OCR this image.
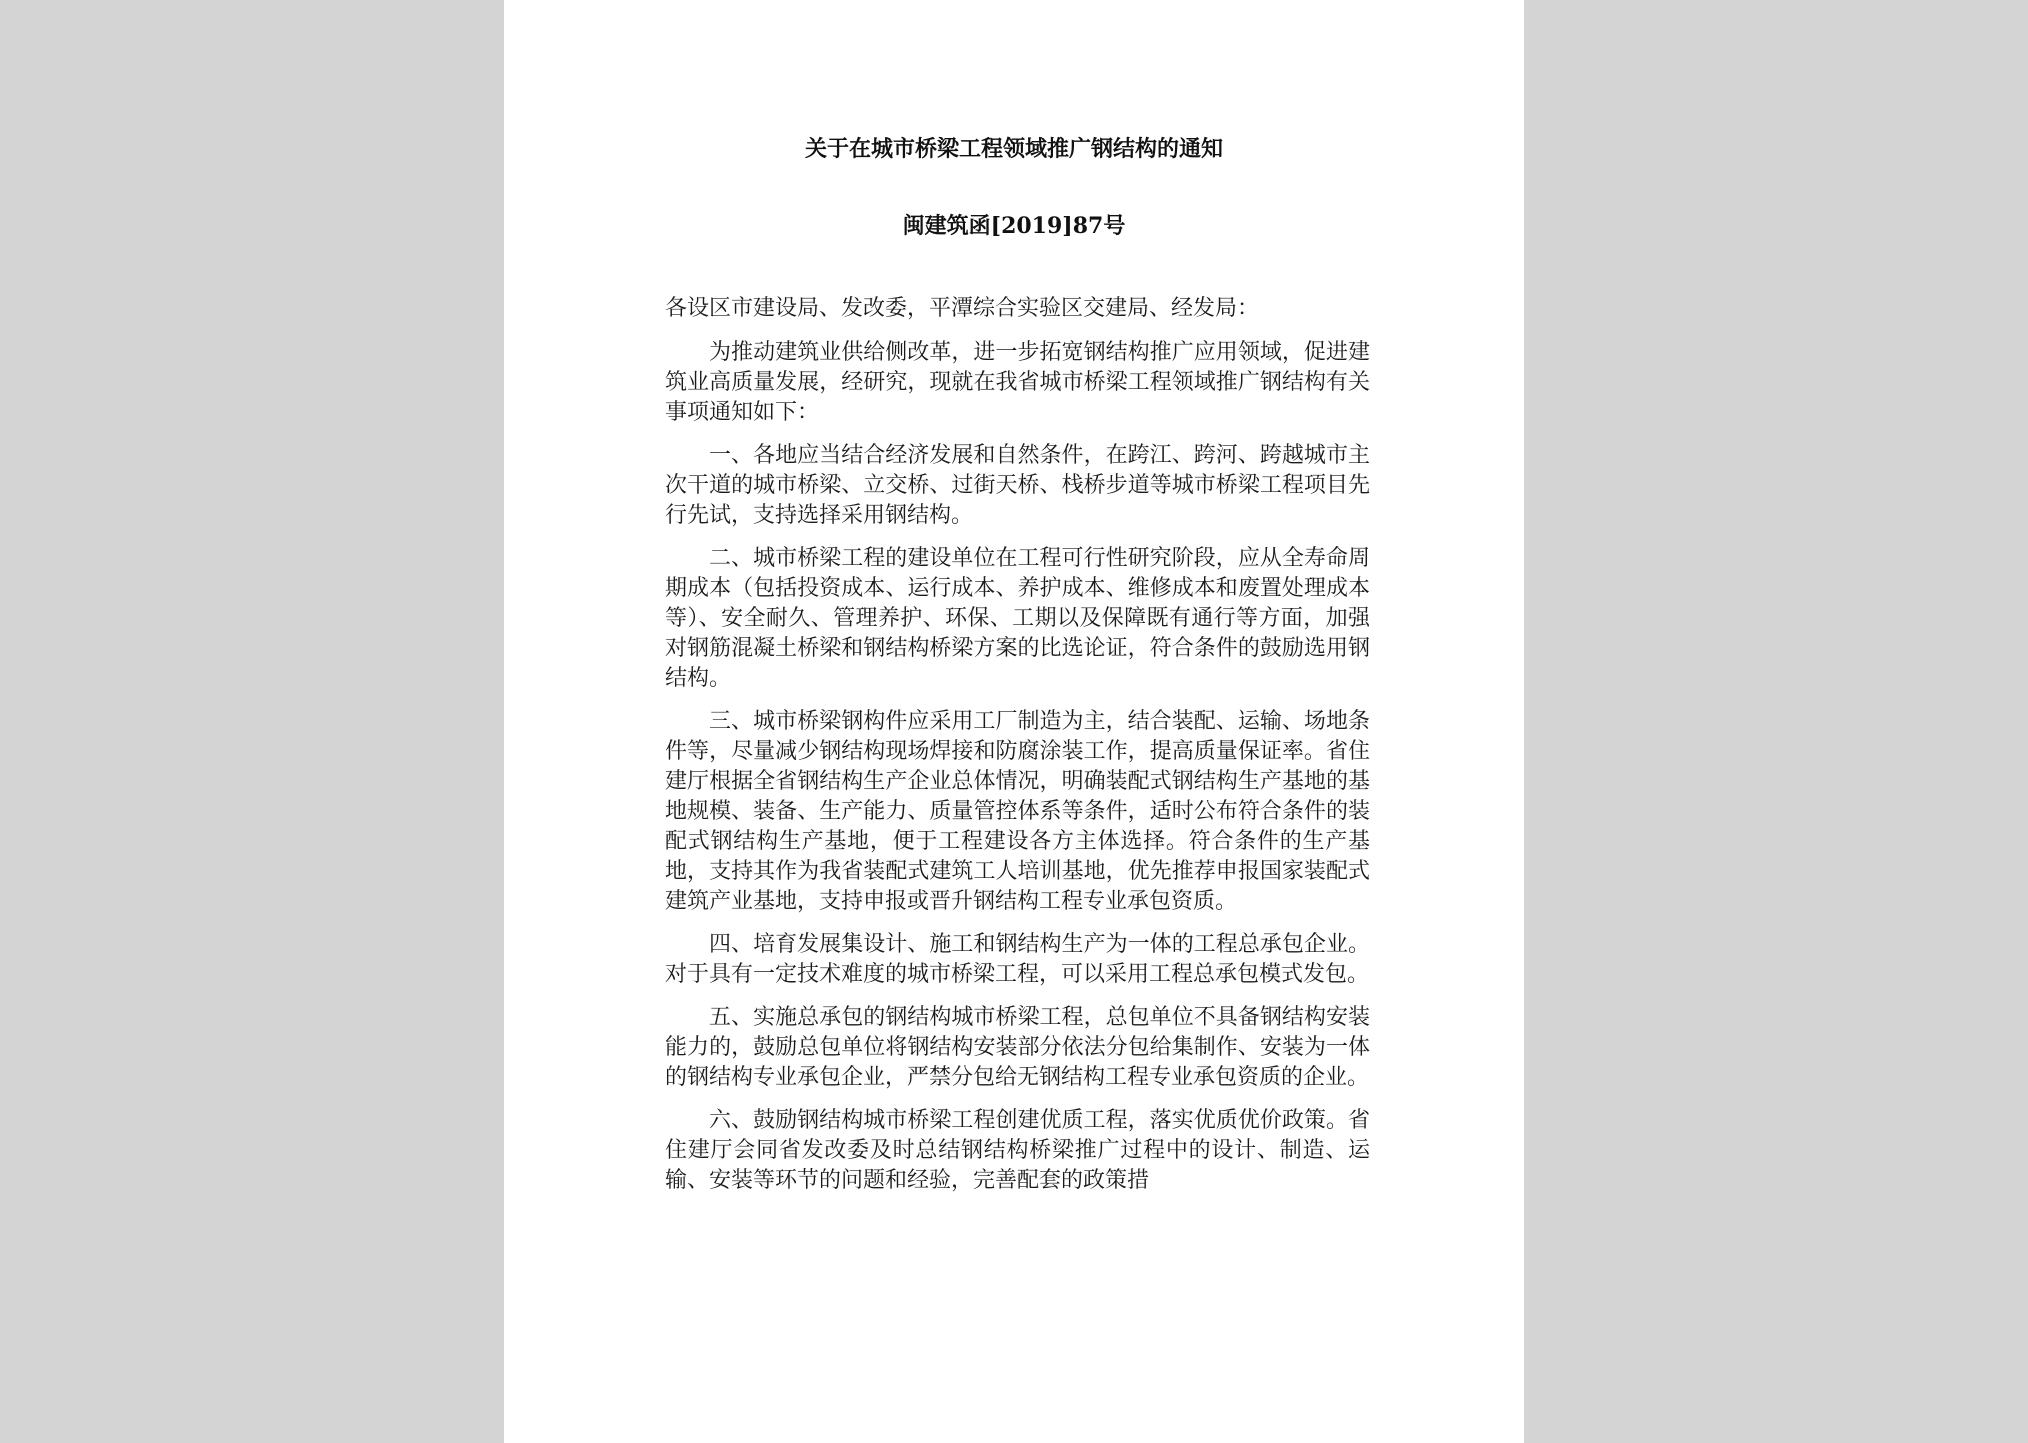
关于在城市桥梁工程领域推广钢结构的通知
闽建筑函[2019]87号

各设区市建设局、发改委，平潭综合实验区交建局、经发局：

为推动建筑业供给侧改革，进一步拓宽钢结构推广应用领域，促进建筑业高质量发展，经研究，现就在我省城市桥梁工程领域推广钢结构有关事项通知如下：

一、各地应当结合经济发展和自然条件，在跨江、跨河、跨越城市主次干道的城市桥梁、立交桥、过街天桥、栈桥步道等城市桥梁工程项目先行先试，支持选择采用钢结构。

二、城市桥梁工程的建设单位在工程可行性研究阶段，应从全寿命周期成本（包括投资成本、运行成本、养护成本、维修成本和废置处理成本等）、安全耐久、管理养护、环保、工期以及保障既有通行等方面，加强对钢筋混凝土桥梁和钢结构桥梁方案的比选论证，符合条件的鼓励选用钢结构。

三、城市桥梁钢构件应采用工厂制造为主，结合装配、运输、场地条件等，尽量减少钢结构现场焊接和防腐涂装工作，提高质量保证率。省住建厅根据全省钢结构生产企业总体情况，明确装配式钢结构生产基地的基地规模、装备、生产能力、质量管控体系等条件，适时公布符合条件的装配式钢结构生产基地，便于工程建设各方主体选择。符合条件的生产基地，支持其作为我省装配式建筑工人培训基地，优先推荐申报国家装配式建筑产业基地，支持申报或晋升钢结构工程专业承包资质。

四、培育发展集设计、施工和钢结构生产为一体的工程总承包企业。对于具有一定技术难度的城市桥梁工程，可以采用工程总承包模式发包。

五、实施总承包的钢结构城市桥梁工程，总包单位不具备钢结构安装能力的，鼓励总包单位将钢结构安装部分依法分包给集制作、安装为一体的钢结构专业承包企业，严禁分包给无钢结构工程专业承包资质的企业。

六、鼓励钢结构城市桥梁工程创建优质工程，落实优质优价政策。省住建厅会同省发改委及时总结钢结构桥梁推广过程中的设计、制造、运输、安装等环节的问题和经验，完善配套的政策措
